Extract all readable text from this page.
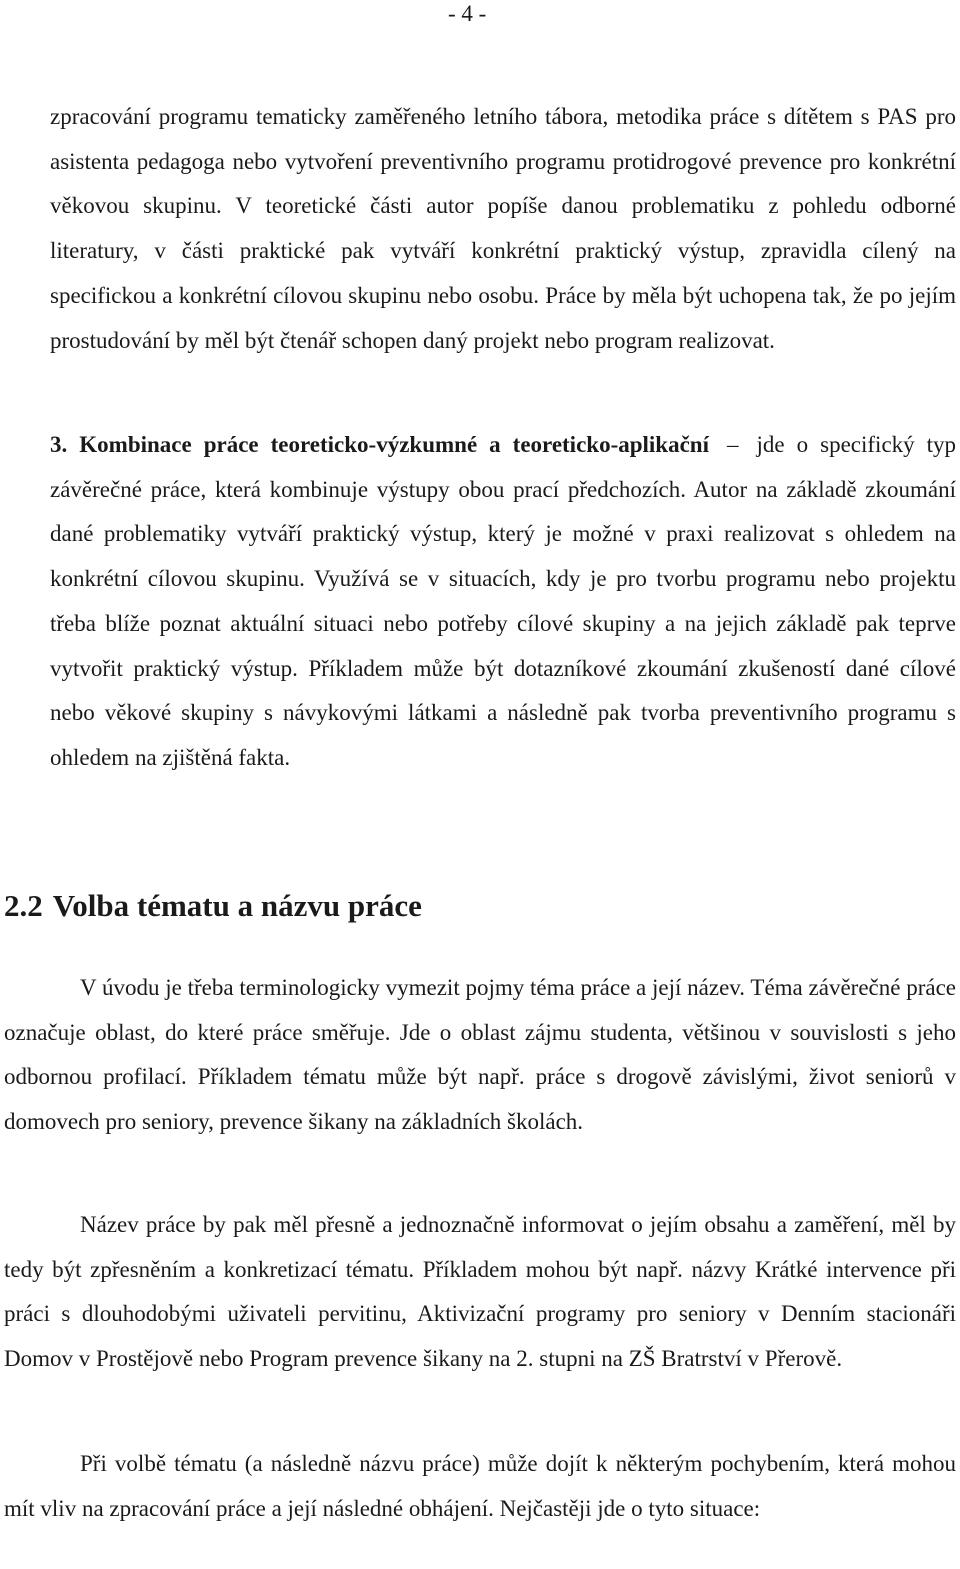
- 4 -

zpracování programu tematicky zaměřeného letního tábora, metodika práce s dítětem s PAS pro asistenta pedagoga nebo vytvoření preventivního programu protidrogové prevence pro konkrétní věkovou skupinu. V teoretické části autor popíše danou problematiku z pohledu odborné literatury, v části praktické pak vytváří konkrétní praktický výstup, zpravidla cílený na specifickou a konkrétní cílovou skupinu nebo osobu. Práce by měla být uchopena tak, že po jejím prostudování by měl být čtenář schopen daný projekt nebo program realizovat.

3. Kombinace práce teoreticko-výzkumné a teoreticko-aplikační – jde o specifický typ závěrečné práce, která kombinuje výstupy obou prací předchozích. Autor na základě zkoumání dané problematiky vytváří praktický výstup, který je možné v praxi realizovat s ohledem na konkrétní cílovou skupinu. Využívá se v situacích, kdy je pro tvorbu programu nebo projektu třeba blíže poznat aktuální situaci nebo potřeby cílové skupiny a na jejich základě pak teprve vytvořit praktický výstup. Příkladem může být dotazníkové zkoumání zkušeností dané cílové nebo věkové skupiny s návykovými látkami a následně pak tvorba preventivního programu s ohledem na zjištěná fakta.

2.2 Volba tématu a názvu práce

V úvodu je třeba terminologicky vymezit pojmy téma práce a její název. Téma závěrečné práce označuje oblast, do které práce směřuje. Jde o oblast zájmu studenta, většinou v souvislosti s jeho odbornou profilací. Příkladem tématu může být např. práce s drogově závislými, život seniorů v domovech pro seniory, prevence šikany na základních školách.

Název práce by pak měl přesně a jednoznačně informovat o jejím obsahu a zaměření, měl by tedy být zpřesněním a konkretizací tématu. Příkladem mohou být např. názvy Krátké intervence při práci s dlouhodobými uživateli pervitinu, Aktivizační programy pro seniory v Denním stacionáři Domov v Prostějově nebo Program prevence šikany na 2. stupni na ZŠ Bratrství v Přerově.

Při volbě tématu (a následně názvu práce) může dojít k některým pochybením, která mohou mít vliv na zpracování práce a její následné obhájení. Nejčastěji jde o tyto situace:
